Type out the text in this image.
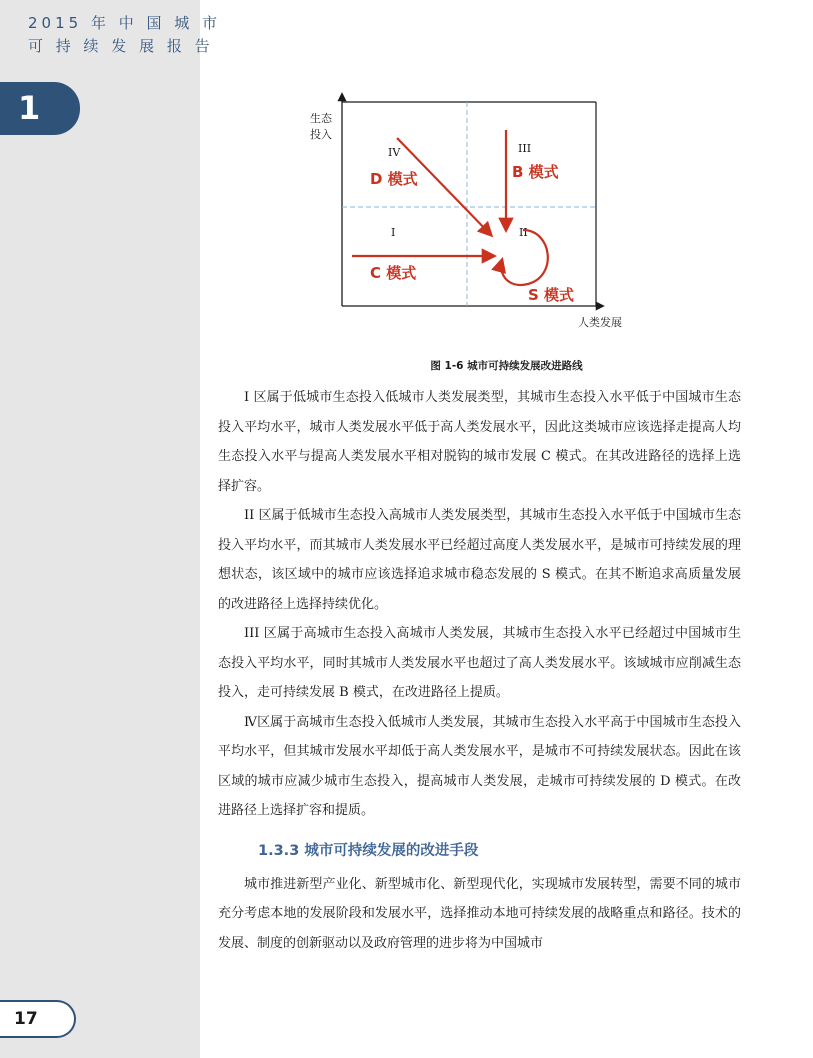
2015 年 中 国 城 市
可 持 续 发 展 报 告
1
17
生态
投入
人类发展
IV	III
I	II
D 模式	B 模式
C 模式
S 模式
图 1-6 城市可持续发展改进路线

I 区属于低城市生态投入低城市人类发展类型，其城市生态投入水平低于中国城市生态投入平均水平，城市人类发展水平低于高人类发展水平，因此这类城市应该选择走提高人均生态投入水平与提高人类发展水平相对脱钩的城市发展 C 模式。在其改进路径的选择上选择扩容。

II 区属于低城市生态投入高城市人类发展类型，其城市生态投入水平低于中国城市生态投入平均水平，而其城市人类发展水平已经超过高度人类发展水平，是城市可持续发展的理想状态，该区域中的城市应该选择追求城市稳态发展的 S 模式。在其不断追求高质量发展的改进路径上选择持续优化。

III 区属于高城市生态投入高城市人类发展，其城市生态投入水平已经超过中国城市生态投入平均水平，同时其城市人类发展水平也超过了高人类发展水平。该域城市应削减生态投入，走可持续发展 B 模式，在改进路径上提质。

Ⅳ区属于高城市生态投入低城市人类发展，其城市生态投入水平高于中国城市生态投入平均水平，但其城市发展水平却低于高人类发展水平，是城市不可持续发展状态。因此在该区域的城市应减少城市生态投入，提高城市人类发展，走城市可持续发展的 D 模式。在改进路径上选择扩容和提质。

1.3.3 城市可持续发展的改进手段

城市推进新型产业化、新型城市化、新型现代化，实现城市发展转型，需要不同的城市充分考虑本地的发展阶段和发展水平，选择推动本地可持续发展的战略重点和路径。技术的发展、制度的创新驱动以及政府管理的进步将为中国城市
